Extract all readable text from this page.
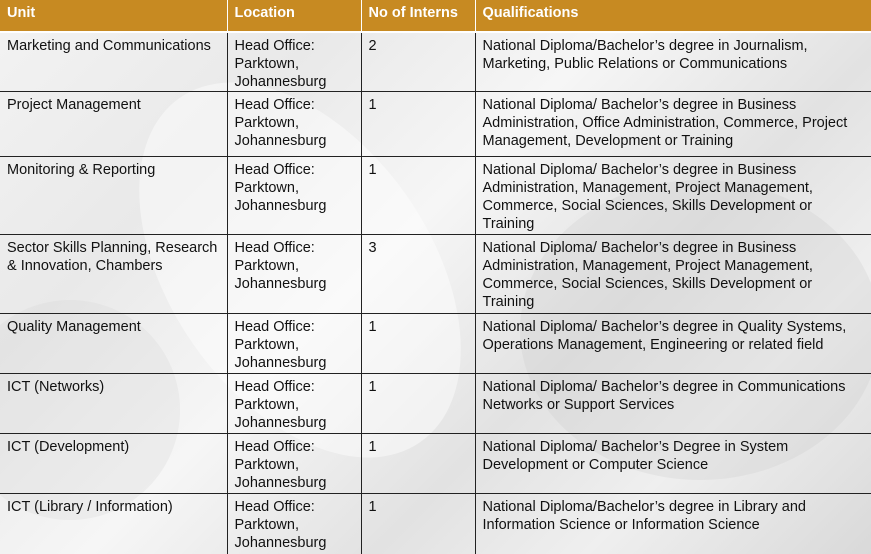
Unit	Location	No of Interns	Qualifications
Marketing and Communications	Head Office: Parktown, Johannesburg	2	National Diploma/Bachelor’s degree in Journalism, Marketing, Public Relations or Communications
Project Management	Head Office: Parktown, Johannesburg	1	National Diploma/ Bachelor’s degree in Business Administration, Office Administration, Commerce, Project Management, Development or Training
Monitoring & Reporting	Head Office: Parktown, Johannesburg	1	National Diploma/ Bachelor’s degree in Business Administration, Management, Project Management, Commerce, Social Sciences, Skills Development or Training
Sector Skills Planning, Research & Innovation, Chambers	Head Office: Parktown, Johannesburg	3	National Diploma/ Bachelor’s degree in Business Administration, Management, Project Management, Commerce, Social Sciences, Skills Development or Training
Quality Management	Head Office: Parktown, Johannesburg	1	National Diploma/ Bachelor’s degree in Quality Systems, Operations Management, Engineering or related field
ICT (Networks)	Head Office: Parktown, Johannesburg	1	National Diploma/ Bachelor’s degree in Communications Networks or Support Services
ICT (Development)	Head Office: Parktown, Johannesburg	1	National Diploma/ Bachelor’s Degree in System Development or Computer Science
ICT (Library / Information)	Head Office: Parktown, Johannesburg	1	National Diploma/Bachelor’s degree in Library and Information Science or Information Science
